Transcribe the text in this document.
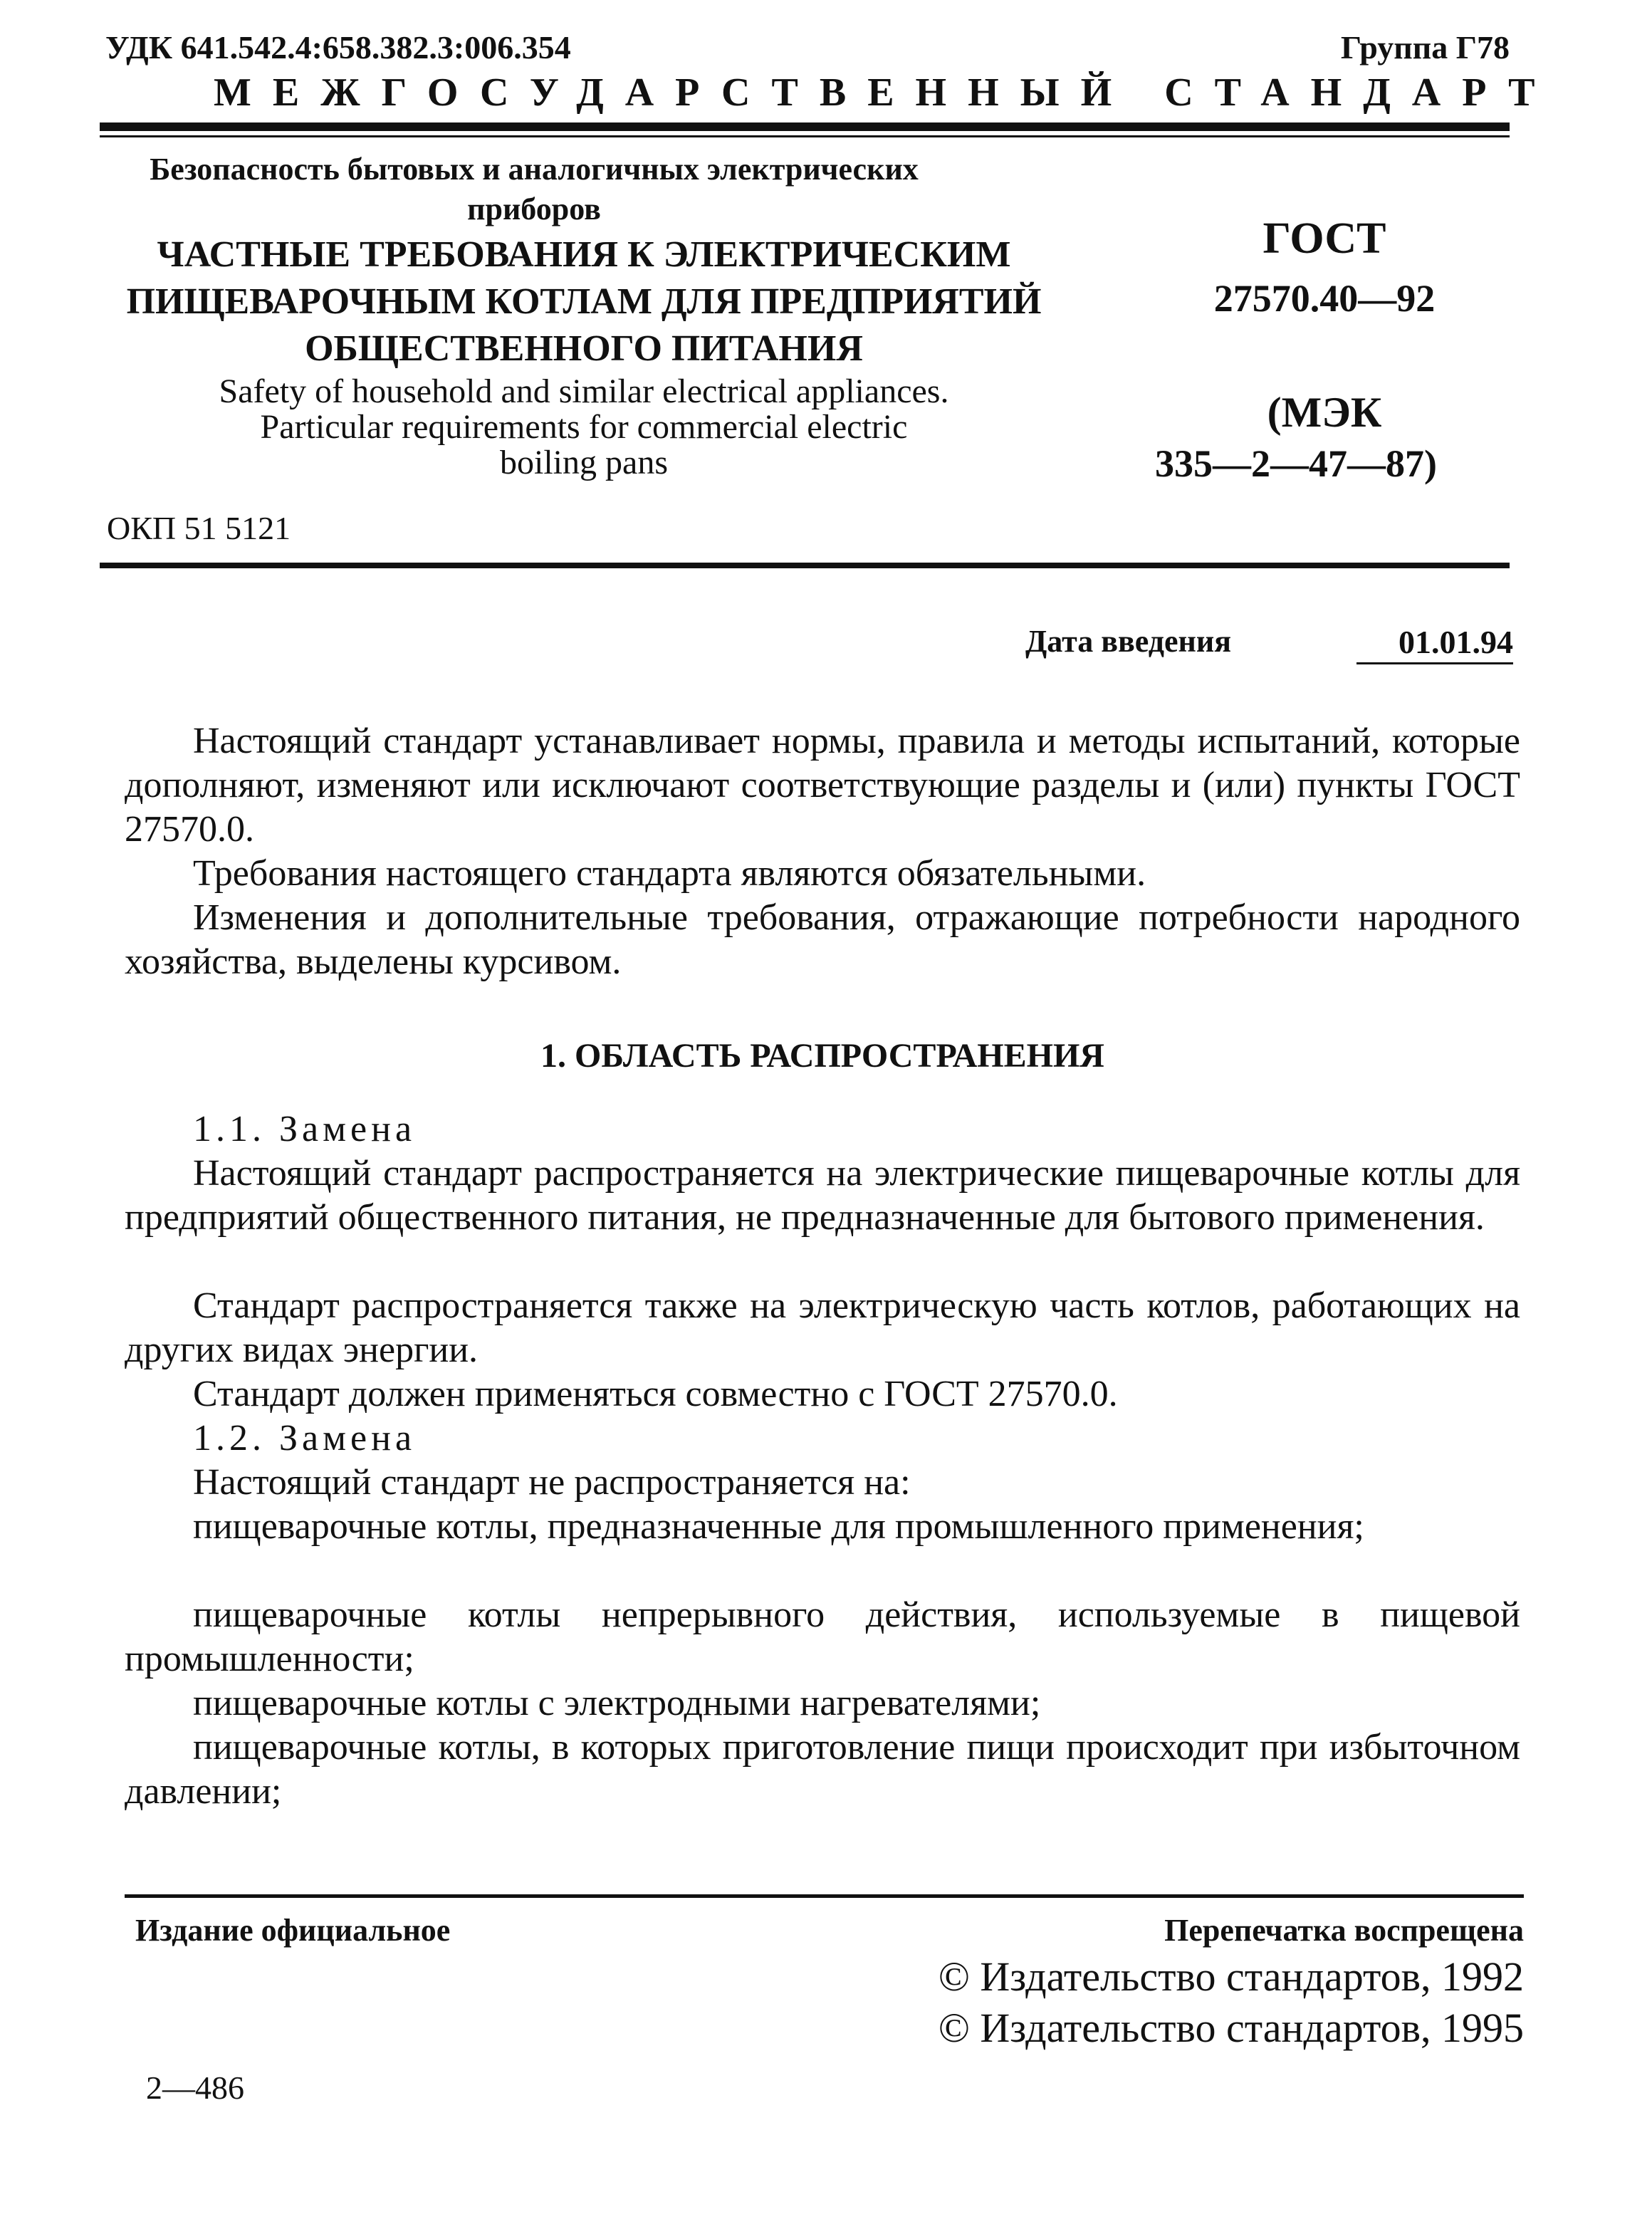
УДК 641.542.4:658.382.3:006.354	Группа Г78
МЕЖГОСУДАРСТВЕННЫЙ СТАНДАРТ
Безопасность бытовых и аналогичных электрических приборов
ЧАСТНЫЕ ТРЕБОВАНИЯ К ЭЛЕКТРИЧЕСКИМ ПИЩЕВАРОЧНЫМ КОТЛАМ ДЛЯ ПРЕДПРИЯТИЙ ОБЩЕСТВЕННОГО ПИТАНИЯ
Safety of household and similar electrical appliances. Particular requirements for commercial electric boiling pans
ОКП 51 5121
ГОСТ
27570.40—92
(МЭК
335—2—47—87)
Дата введения	01.01.94
Настоящий стандарт устанавливает нормы, правила и методы испытаний, которые дополняют, изменяют или исключают соответствующие разделы и (или) пункты ГОСТ 27570.0.
Требования настоящего стандарта являются обязательными.
Изменения и дополнительные требования, отражающие потребности народного хозяйства, выделены курсивом.
1. ОБЛАСТЬ РАСПРОСТРАНЕНИЯ
1.1. Замена
Настоящий стандарт распространяется на электрические пищеварочные котлы для предприятий общественного питания, не предназначенные для бытового применения.
Стандарт распространяется также на электрическую часть котлов, работающих на других видах энергии.
Стандарт должен применяться совместно с ГОСТ 27570.0.
1.2. Замена
Настоящий стандарт не распространяется на:
пищеварочные котлы, предназначенные для промышленного применения;
пищеварочные котлы непрерывного действия, используемые в пищевой промышленности;
пищеварочные котлы с электродными нагревателями;
пищеварочные котлы, в которых приготовление пищи происходит при избыточном давлении;
Издание официальное	Перепечатка воспрещена
© Издательство стандартов, 1992
© Издательство стандартов, 1995
2—486
